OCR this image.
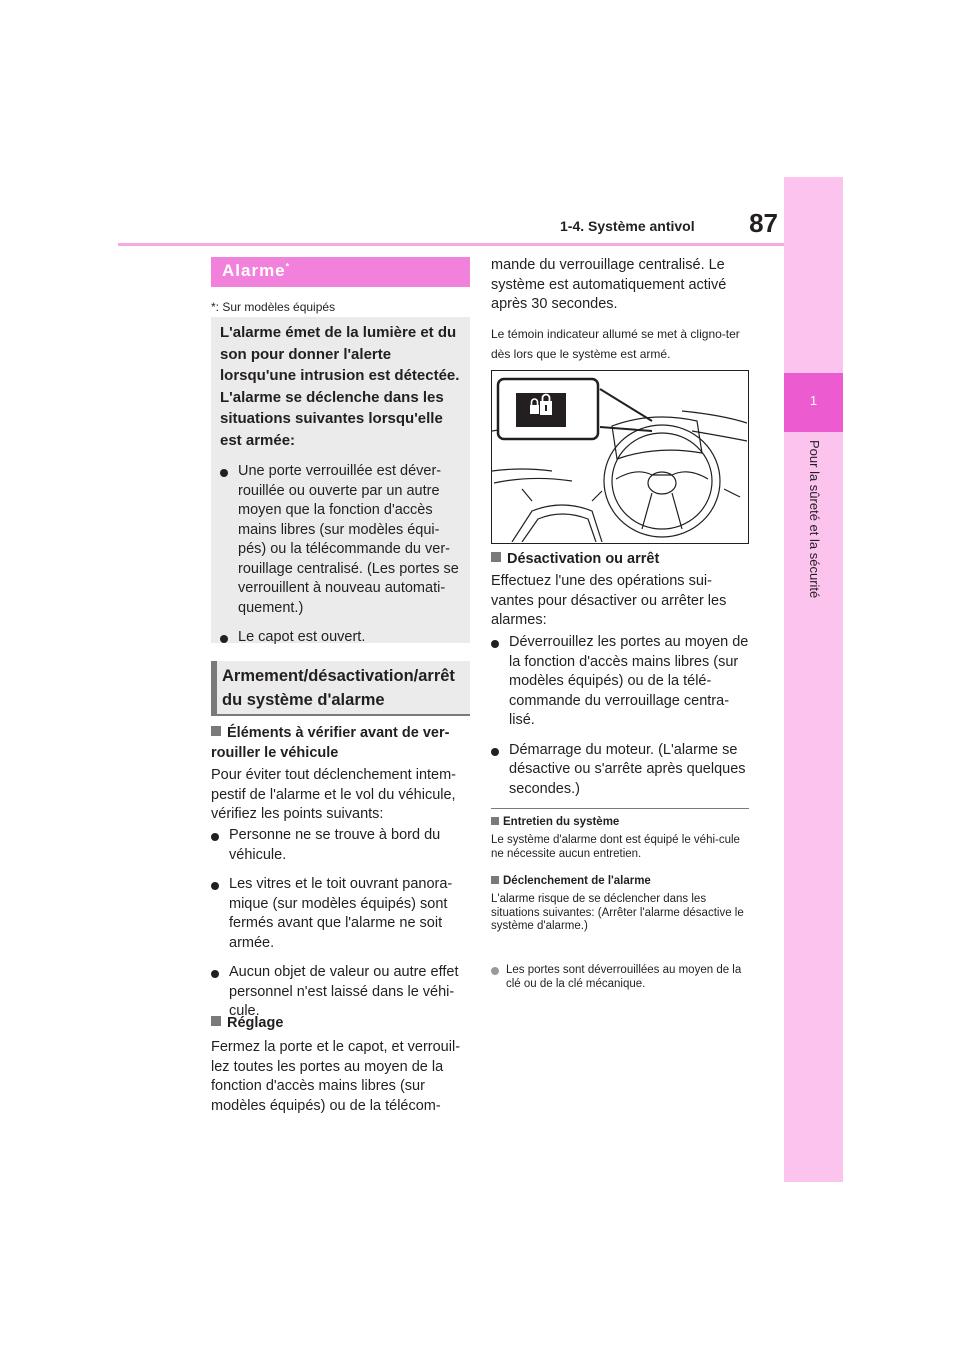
1-4. Système antivol	87
1
Pour la sûreté et la sécurité
Alarme*
*: Sur modèles équipés
L'alarme émet de la lumière et du son pour donner l'alerte lorsqu'une intrusion est détectée. L'alarme se déclenche dans les situations suivantes lorsqu'elle est armée:
Une porte verrouillée est déver-rouillée ou ouverte par un autre moyen que la fonction d'accès mains libres (sur modèles équi-pés) ou la télécommande du ver-rouillage centralisé. (Les portes se verrouillent à nouveau automati-quement.)
Le capot est ouvert.
Armement/désactivation/arrêt du système d'alarme
Éléments à vérifier avant de ver-rouiller le véhicule
Pour éviter tout déclenchement intem-pestif de l'alarme et le vol du véhicule, vérifiez les points suivants:
Personne ne se trouve à bord du véhicule.
Les vitres et le toit ouvrant panora-mique (sur modèles équipés) sont fermés avant que l'alarme ne soit armée.
Aucun objet de valeur ou autre effet personnel n'est laissé dans le véhi-cule.
Réglage
Fermez la porte et le capot, et verrouil-lez toutes les portes au moyen de la fonction d'accès mains libres (sur modèles équipés) ou de la télécom-
mande du verrouillage centralisé. Le système est automatiquement activé après 30 secondes.
Le témoin indicateur allumé se met à cligno-ter dès lors que le système est armé.
Désactivation ou arrêt
Effectuez l'une des opérations sui-vantes pour désactiver ou arrêter les alarmes:
Déverrouillez les portes au moyen de la fonction d'accès mains libres (sur modèles équipés) ou de la télé-commande du verrouillage centra-lisé.
Démarrage du moteur. (L'alarme se désactive ou s'arrête après quelques secondes.)
Entretien du système
Le système d'alarme dont est équipé le véhi-cule ne nécessite aucun entretien.
Déclenchement de l'alarme
L'alarme risque de se déclencher dans les situations suivantes: (Arrêter l'alarme désactive le système d'alarme.)
Les portes sont déverrouillées au moyen de la clé ou de la clé mécanique.
